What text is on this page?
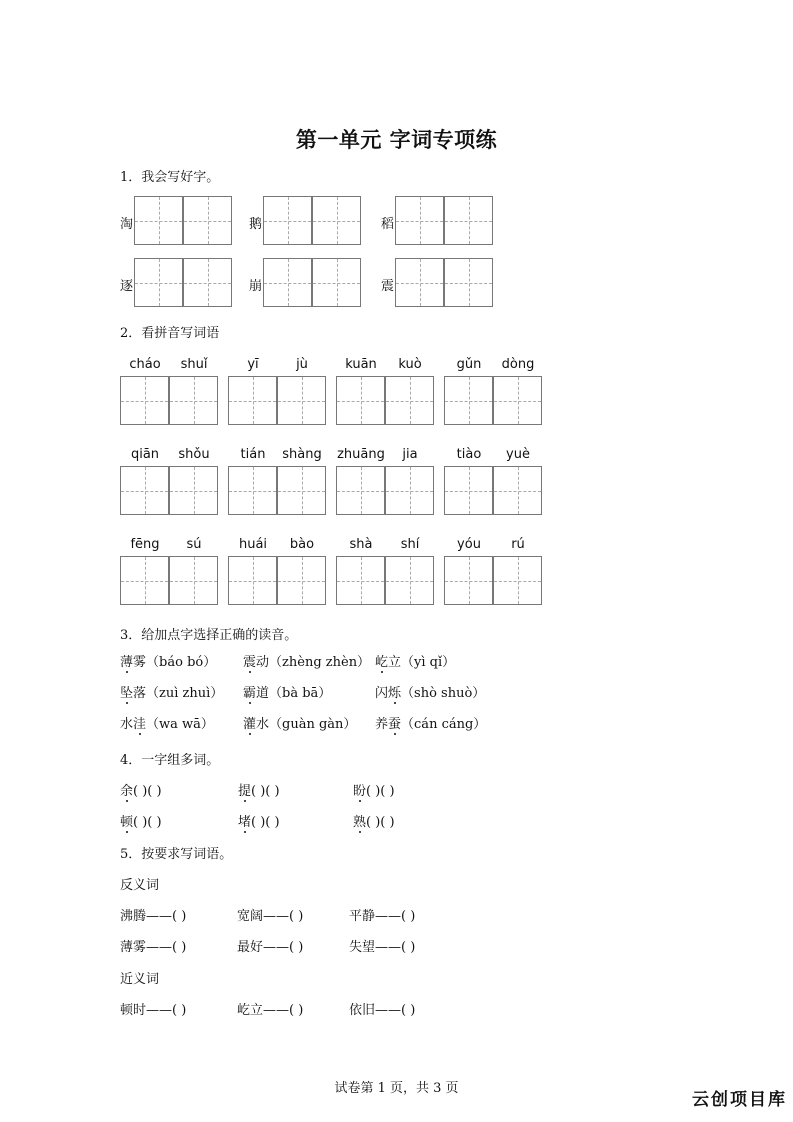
第一单元 字词专项练
1．我会写好字。
淘	鹅	稻
逐	崩	震
2．看拼音写词语
cháo	shuǐ	yī	jù	kuān	kuò	gǔn	dòng
qiān	shǒu	tián	shàng	zhuāng	jia	tiào	yuè
fēng	sú	huái	bào	shà	shí	yóu	rú
3．给加点字选择正确的读音。
薄雾（báo bó） 震动（zhèng zhèn） 屹立（yì qǐ）
坠落（zuì zhuì） 霸道（bà bā）	闪烁（shò shuò）
水洼（wa wā） 灌水（guàn gàn） 养蚕（cán cáng）
4．一字组多词。
余( )( )	提( )( )	盼( )( )
顿( )( )	堵( )( )	熟( )( )
5．按要求写词语。
反义词
沸腾——( )	宽阔——( )	平静——( )
薄雾——( )	最好——( )	失望——( )
近义词
顿时——( )	屹立——( )	依旧——( )
试卷第 1 页，共 3 页
云创项目库
